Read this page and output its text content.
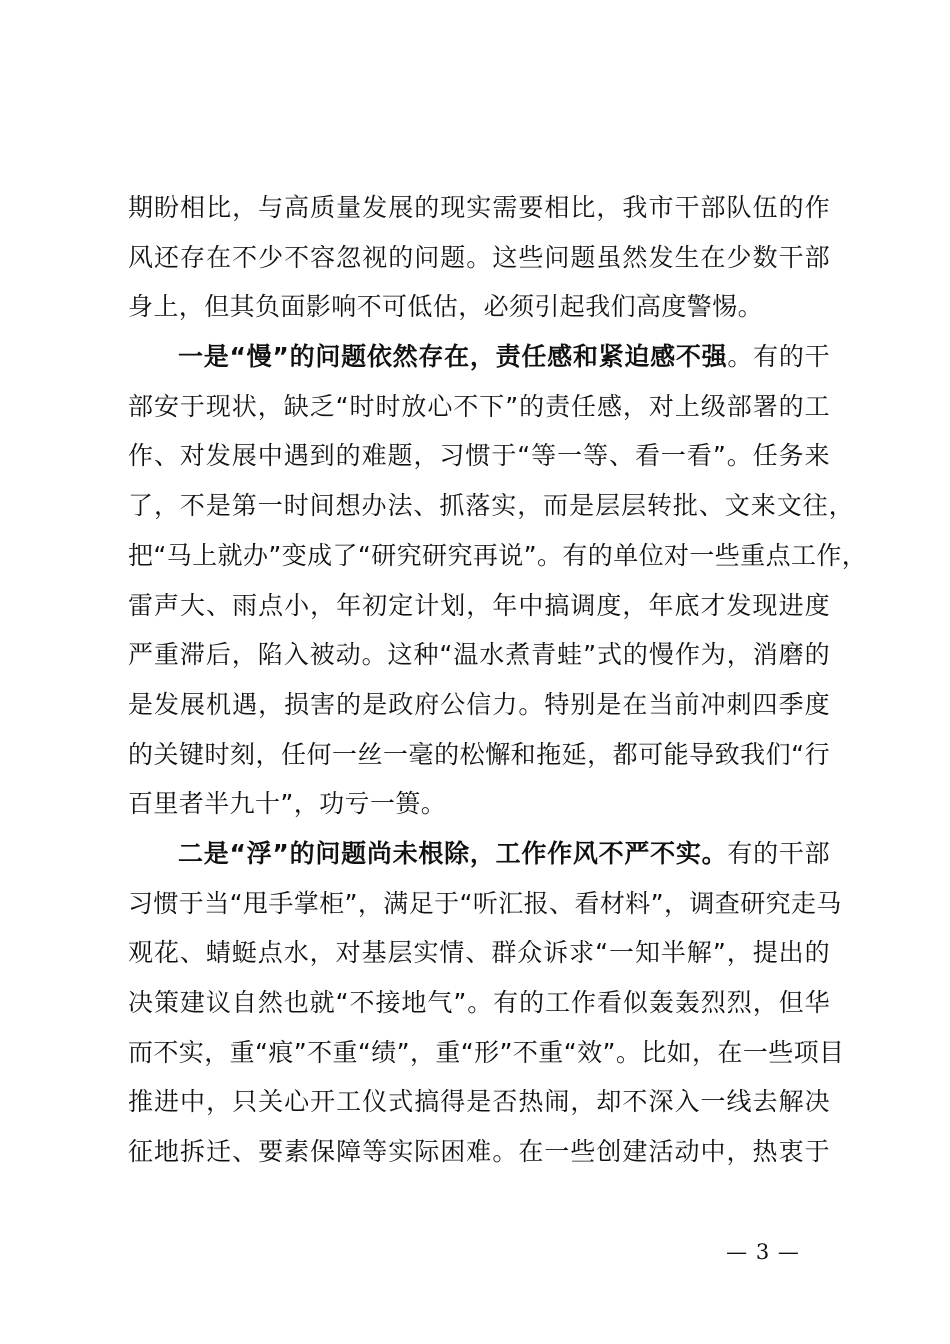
期盼相比，与高质量发展的现实需要相比，我市干部队伍的作
风还存在不少不容忽视的问题。这些问题虽然发生在少数干部
身上，但其负面影响不可低估，必须引起我们高度警惕。
一是“慢”的问题依然存在，责任感和紧迫感不强。有的干
部安于现状，缺乏“时时放心不下”的责任感，对上级部署的工
作、对发展中遇到的难题，习惯于“等一等、看一看”。任务来
了，不是第一时间想办法、抓落实，而是层层转批、文来文往，
把“马上就办”变成了“研究研究再说”。有的单位对一些重点工作，
雷声大、雨点小，年初定计划，年中搞调度，年底才发现进度
严重滞后，陷入被动。这种“温水煮青蛙”式的慢作为，消磨的
是发展机遇，损害的是政府公信力。特别是在当前冲刺四季度
的关键时刻，任何一丝一毫的松懈和拖延，都可能导致我们“行
百里者半九十”，功亏一篑。
二是“浮”的问题尚未根除，工作作风不严不实。有的干部
习惯于当“甩手掌柜”，满足于“听汇报、看材料”，调查研究走马
观花、蜻蜓点水，对基层实情、群众诉求“一知半解”，提出的
决策建议自然也就“不接地气”。有的工作看似轰轰烈烈，但华
而不实，重“痕”不重“绩”，重“形”不重“效”。比如，在一些项目
推进中，只关心开工仪式搞得是否热闹，却不深入一线去解决
征地拆迁、要素保障等实际困难。在一些创建活动中，热衷于
— 3 —
